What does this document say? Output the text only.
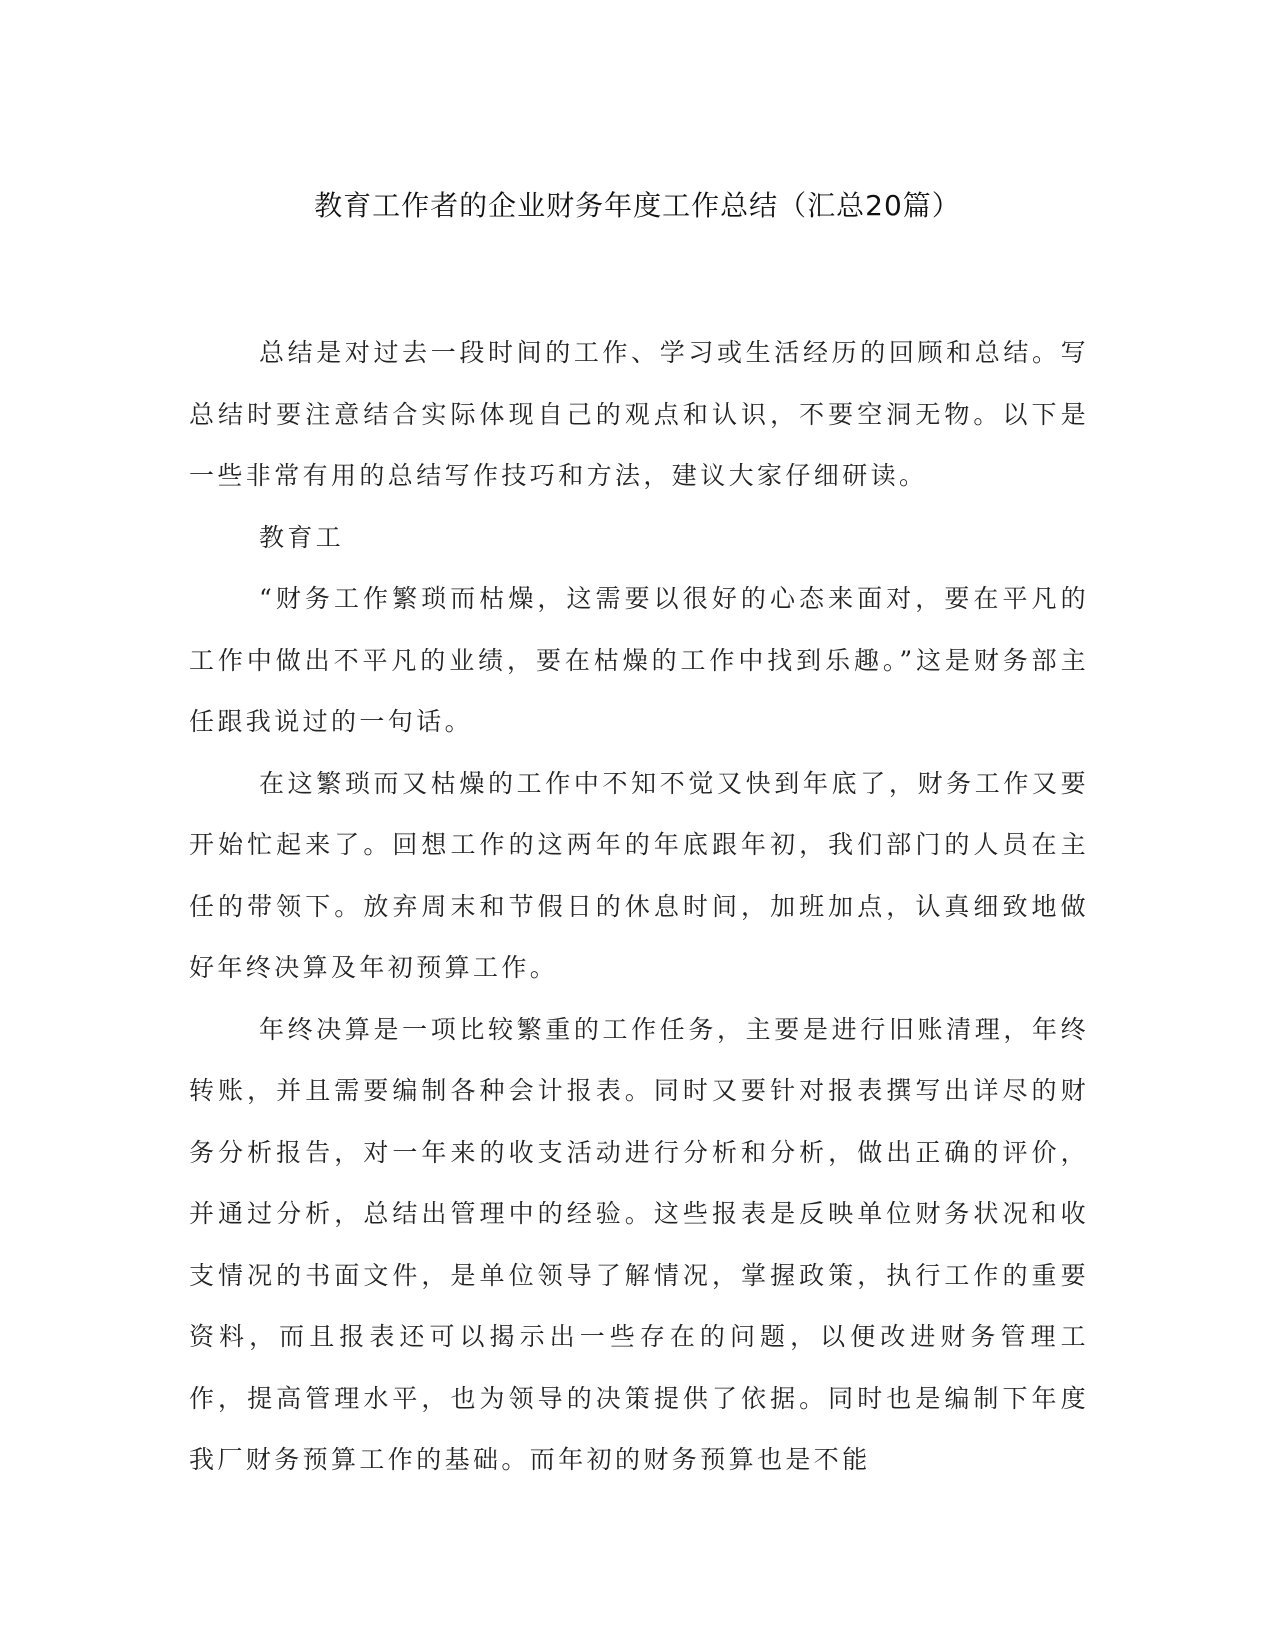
教育工作者的企业财务年度工作总结（汇总20篇）

总结是对过去一段时间的工作、学习或生活经历的回顾和总结。写总结时要注意结合实际体现自己的观点和认识，不要空洞无物。以下是一些非常有用的总结写作技巧和方法，建议大家仔细研读。

教育工

“财务工作繁琐而枯燥，这需要以很好的心态来面对，要在平凡的工作中做出不平凡的业绩，要在枯燥的工作中找到乐趣。”这是财务部主任跟我说过的一句话。

在这繁琐而又枯燥的工作中不知不觉又快到年底了，财务工作又要开始忙起来了。回想工作的这两年的年底跟年初，我们部门的人员在主任的带领下。放弃周末和节假日的休息时间，加班加点，认真细致地做好年终决算及年初预算工作。

年终决算是一项比较繁重的工作任务，主要是进行旧账清理，年终转账，并且需要编制各种会计报表。同时又要针对报表撰写出详尽的财务分析报告，对一年来的收支活动进行分析和分析，做出正确的评价，并通过分析，总结出管理中的经验。这些报表是反映单位财务状况和收支情况的书面文件，是单位领导了解情况，掌握政策，执行工作的重要资料，而且报表还可以揭示出一些存在的问题，以便改进财务管理工作，提高管理水平，也为领导的决策提供了依据。同时也是编制下年度我厂财务预算工作的基础。而年初的财务预算也是不能
